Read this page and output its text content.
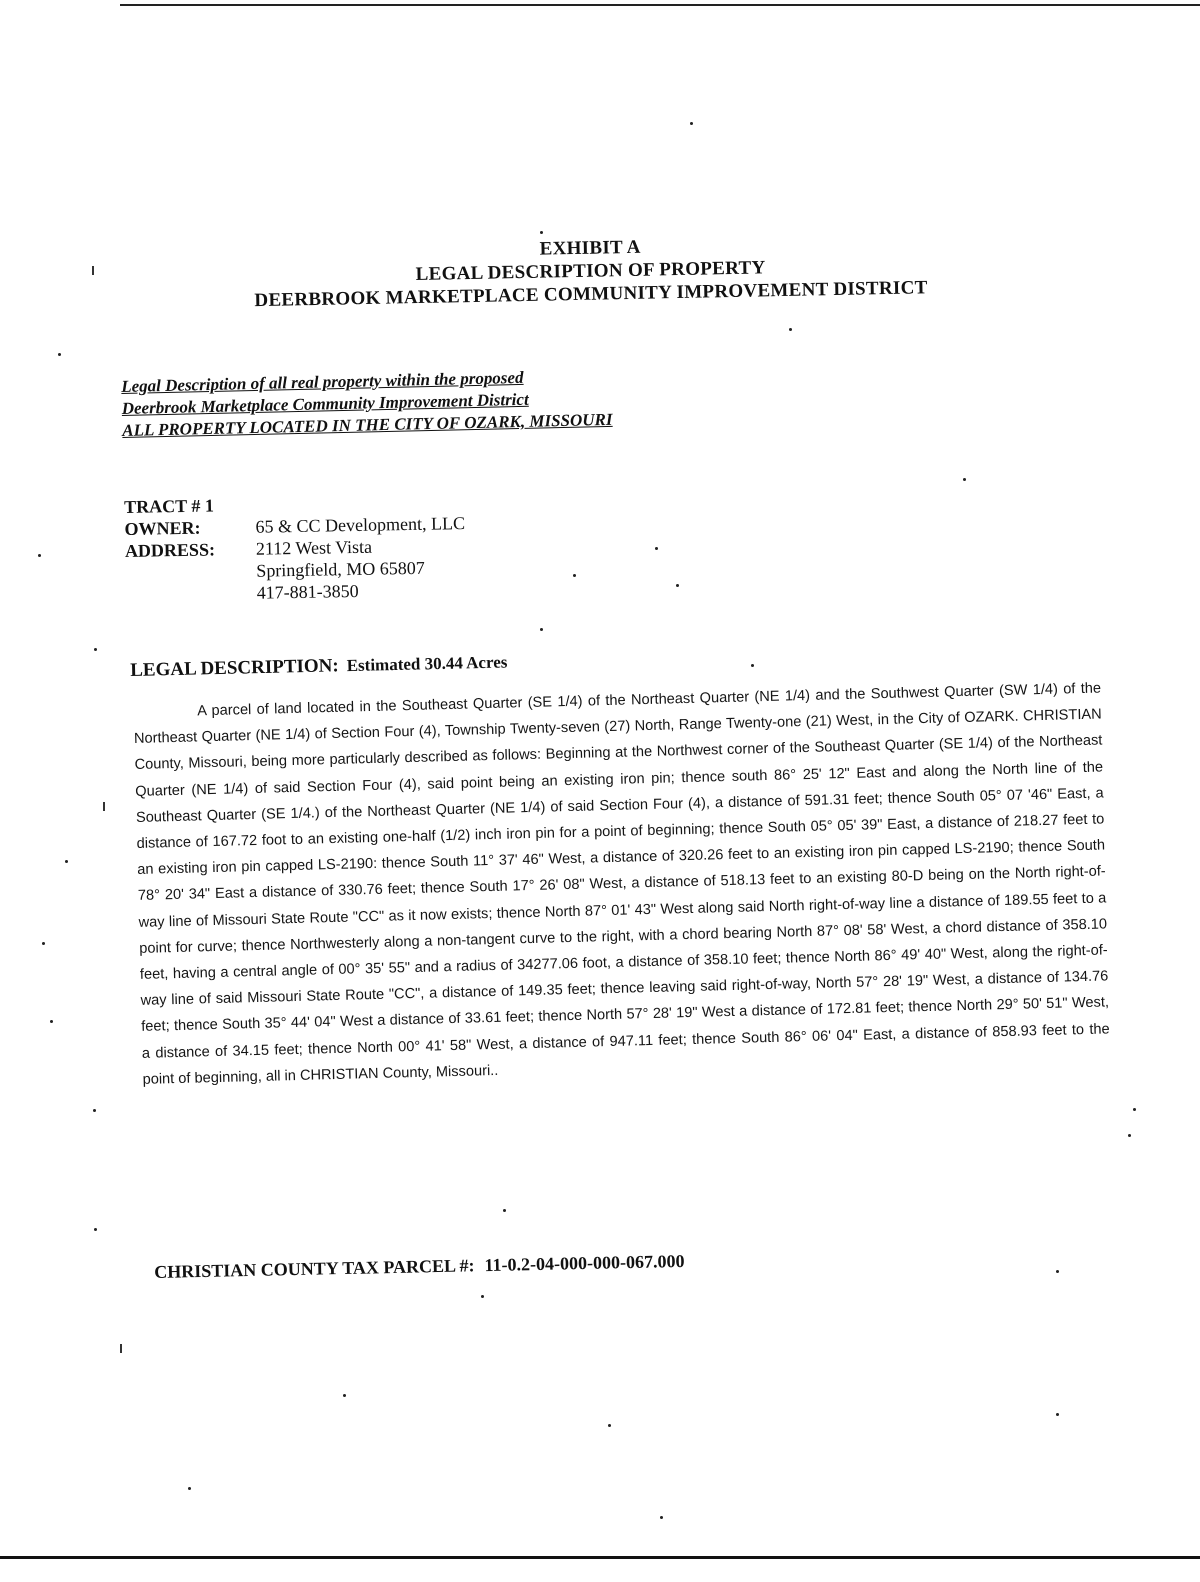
EXHIBIT A
LEGAL DESCRIPTION OF PROPERTY
DEERBROOK MARKETPLACE COMMUNITY IMPROVEMENT DISTRICT
Legal Description of all real property within the proposed
Deerbrook Marketplace Community Improvement District
ALL PROPERTY LOCATED IN THE CITY OF OZARK, MISSOURI
TRACT # 1
OWNER:	65 & CC Development, LLC
ADDRESS:	2112 West Vista
Springfield, MO 65807
417-881-3850
LEGAL DESCRIPTION: Estimated 30.44 Acres
A parcel of land located in the Southeast Quarter (SE 1/4) of the Northeast Quarter (NE 1/4) and the Southwest Quarter (SW 1/4) of the Northeast Quarter (NE 1/4) of Section Four (4), Township Twenty-seven (27) North, Range Twenty-one (21) West, in the City of OZARK. CHRISTIAN County, Missouri, being more particularly described as follows: Beginning at the Northwest corner of the Southeast Quarter (SE 1/4) of the Northeast Quarter (NE 1/4) of said Section Four (4), said point being an existing iron pin; thence south 86° 25' 12" East and along the North line of the Southeast Quarter (SE 1/4.) of the Northeast Quarter (NE 1/4) of said Section Four (4), a distance of 591.31 feet; thence South 05° 07 '46" East, a distance of 167.72 foot to an existing one-half (1/2) inch iron pin for a point of beginning; thence South 05° 05' 39" East, a distance of 218.27 feet to an existing iron pin capped LS-2190: thence South 11° 37' 46" West, a distance of 320.26 feet to an existing iron pin capped LS-2190; thence South 78° 20' 34" East a distance of 330.76 feet; thence South 17° 26' 08" West, a distance of 518.13 feet to an existing 80-D being on the North right-of-way line of Missouri State Route "CC" as it now exists; thence North 87° 01' 43" West along said North right-of-way line a distance of 189.55 feet to a point for curve; thence Northwesterly along a non-tangent curve to the right, with a chord bearing North 87° 08' 58' West, a chord distance of 358.10 feet, having a central angle of 00° 35' 55" and a radius of 34277.06 foot, a distance of 358.10 feet; thence North 86° 49' 40" West, along the right-of-way line of said Missouri State Route "CC", a distance of 149.35 feet; thence leaving said right-of-way, North 57° 28' 19" West, a distance of 134.76 feet; thence South 35° 44' 04" West a distance of 33.61 feet; thence North 57° 28' 19" West a distance of 172.81 feet; thence North 29° 50' 51" West, a distance of 34.15 feet; thence North 00° 41' 58" West, a distance of 947.11 feet; thence South 86° 06' 04" East, a distance of 858.93 feet to the point of beginning, all in CHRISTIAN County, Missouri..
CHRISTIAN COUNTY TAX PARCEL #: 11-0.2-04-000-000-067.000
